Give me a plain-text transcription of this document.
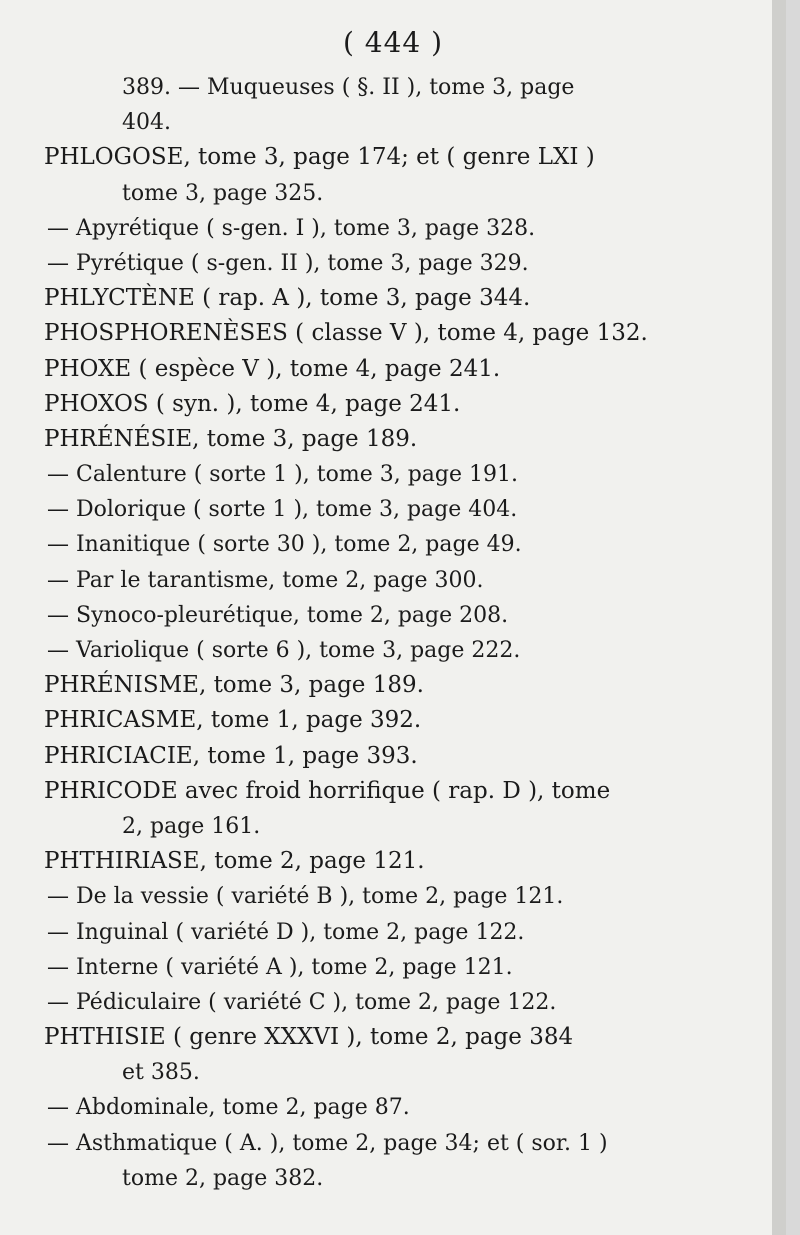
( 444 )
389. — Muqueuses ( §. II ), tome 3, page
404.
PHLOGOSE, tome 3, page 174; et ( genre LXI )
tome 3, page 325.
— Apyrétique ( s-gen. I ), tome 3, page 328.
— Pyrétique ( s-gen. II ), tome 3, page 329.
PHLYCTÈNE ( rap. A ), tome 3, page 344.
PHOSPHORENÈSES ( classe V ), tome 4, page 132.
PHOXE ( espèce V ), tome 4, page 241.
PHOXOS ( syn. ), tome 4, page 241.
PHRÉNÉSIE, tome 3, page 189.
— Calenture ( sorte 1 ), tome 3, page 191.
— Dolorique ( sorte 1 ), tome 3, page 404.
— Inanitique ( sorte 30 ), tome 2, page 49.
— Par le tarantisme, tome 2, page 300.
— Synoco-pleurétique, tome 2, page 208.
— Variolique ( sorte 6 ), tome 3, page 222.
PHRÉNISME, tome 3, page 189.
PHRICASME, tome 1, page 392.
PHRICIACIE, tome 1, page 393.
PHRICODE avec froid horrifique ( rap. D ), tome
2, page 161.
PHTHIRIASE, tome 2, page 121.
— De la vessie ( variété B ), tome 2, page 121.
— Inguinal ( variété D ), tome 2, page 122.
— Interne ( variété A ), tome 2, page 121.
— Pédiculaire ( variété C ), tome 2, page 122.
PHTHISIE ( genre XXXVI ), tome 2, page 384
et 385.
— Abdominale, tome 2, page 87.
— Asthmatique ( A. ), tome 2, page 34; et ( sor. 1 )
tome 2, page 382.
